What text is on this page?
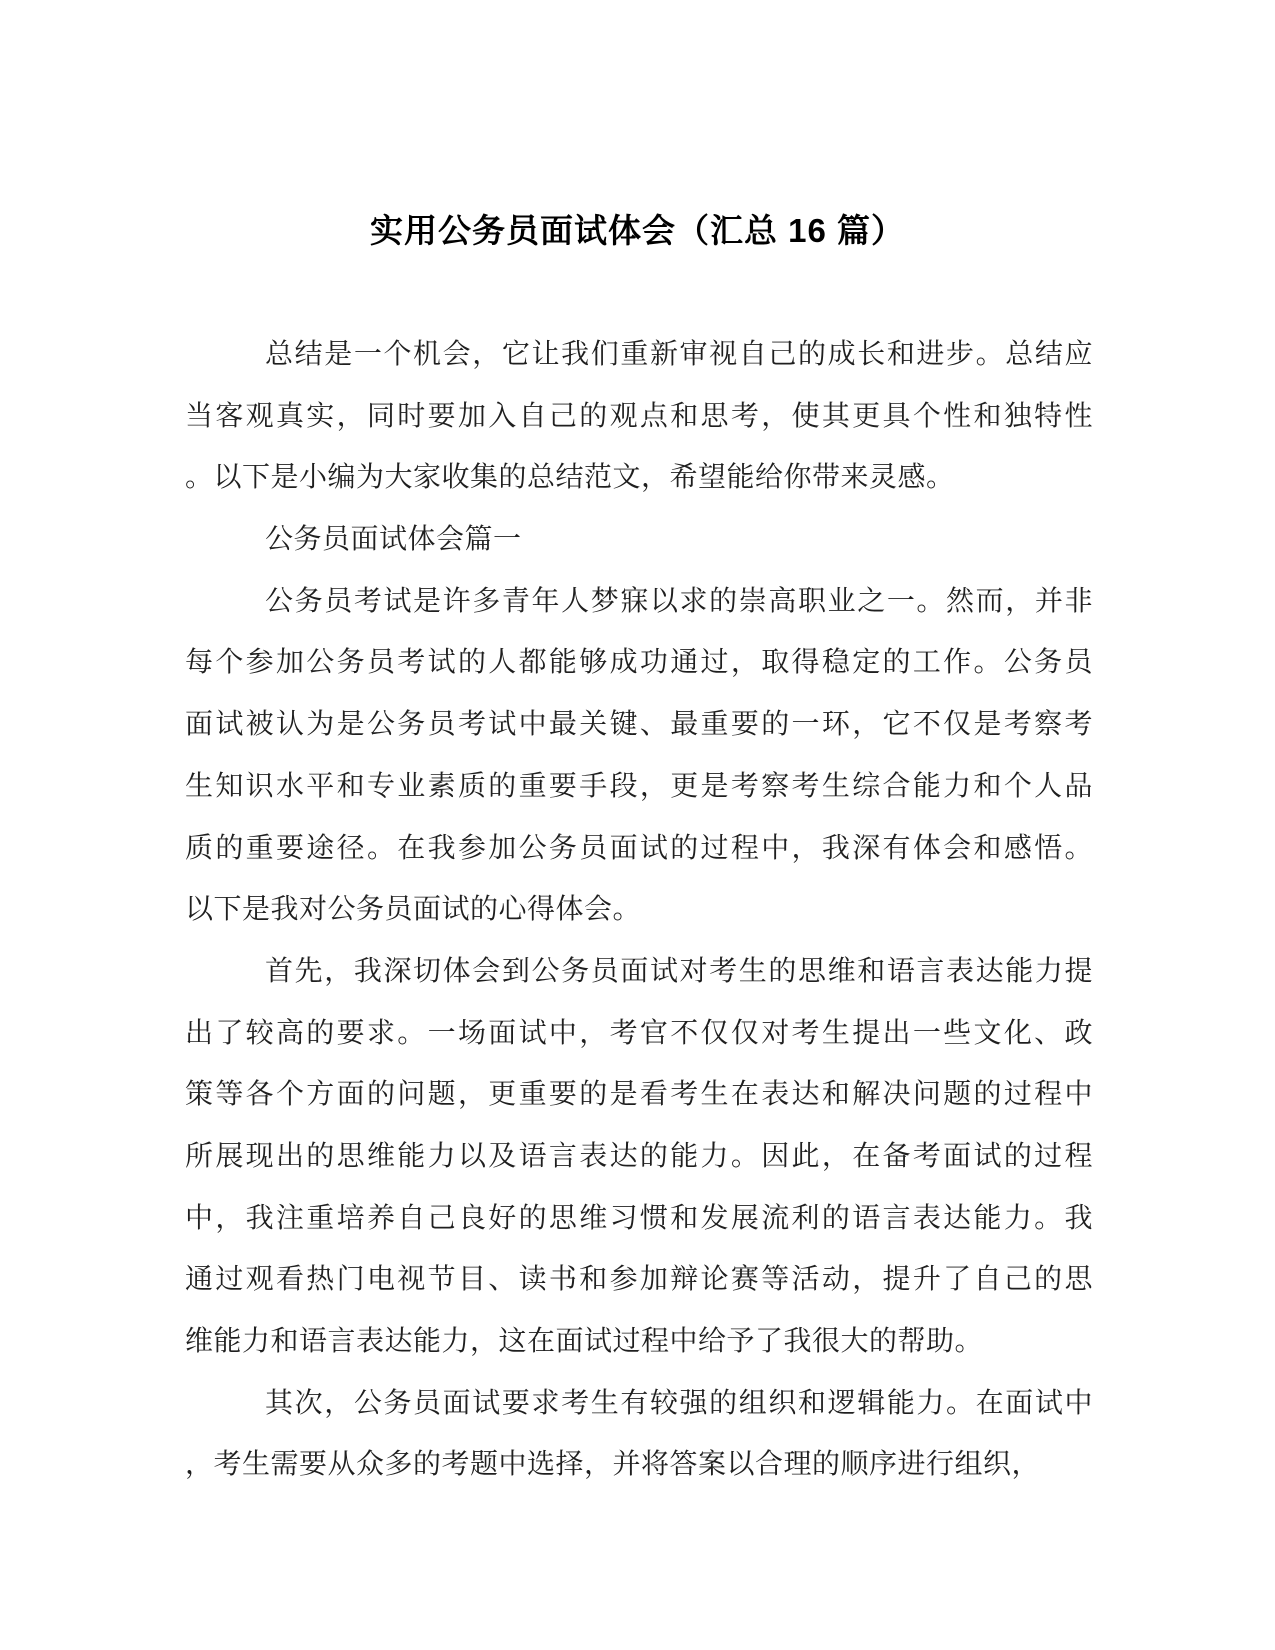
实用公务员面试体会（汇总 16 篇）
总结是一个机会，它让我们重新审视自己的成长和进步。总结应
当客观真实，同时要加入自己的观点和思考，使其更具个性和独特性
。以下是小编为大家收集的总结范文，希望能给你带来灵感。
公务员面试体会篇一
公务员考试是许多青年人梦寐以求的崇高职业之一。然而，并非
每个参加公务员考试的人都能够成功通过，取得稳定的工作。公务员
面试被认为是公务员考试中最关键、最重要的一环，它不仅是考察考
生知识水平和专业素质的重要手段，更是考察考生综合能力和个人品
质的重要途径。在我参加公务员面试的过程中，我深有体会和感悟。
以下是我对公务员面试的心得体会。
首先，我深切体会到公务员面试对考生的思维和语言表达能力提
出了较高的要求。一场面试中，考官不仅仅对考生提出一些文化、政
策等各个方面的问题，更重要的是看考生在表达和解决问题的过程中
所展现出的思维能力以及语言表达的能力。因此，在备考面试的过程
中，我注重培养自己良好的思维习惯和发展流利的语言表达能力。我
通过观看热门电视节目、读书和参加辩论赛等活动，提升了自己的思
维能力和语言表达能力，这在面试过程中给予了我很大的帮助。
其次，公务员面试要求考生有较强的组织和逻辑能力。在面试中
，考生需要从众多的考题中选择，并将答案以合理的顺序进行组织，
